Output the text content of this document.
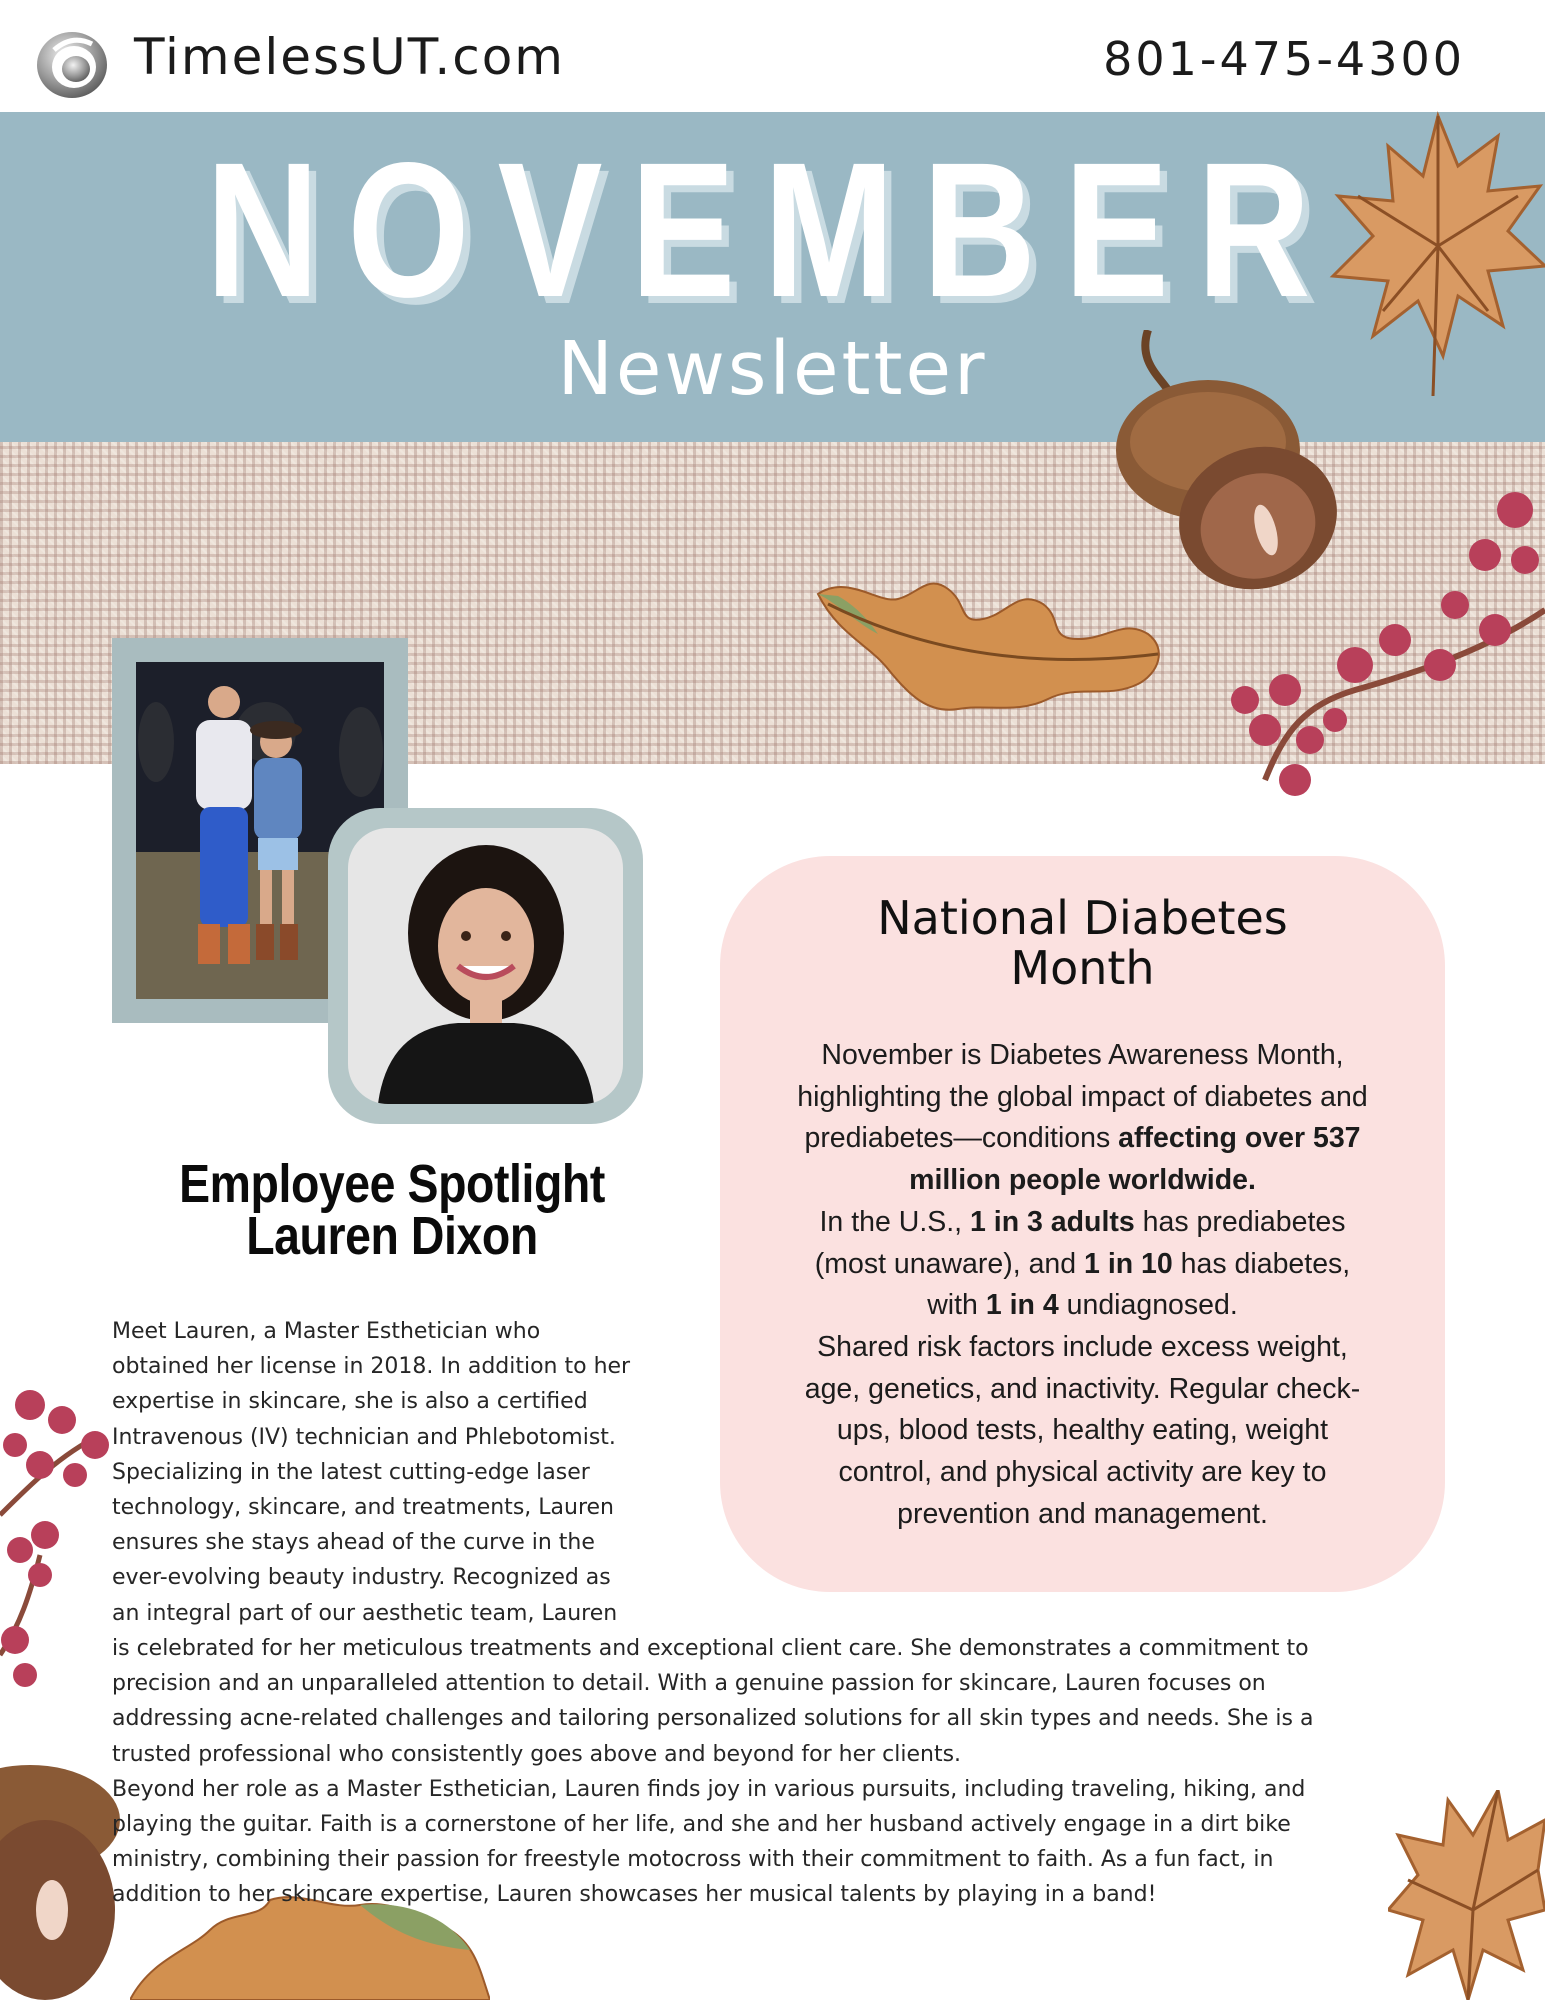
TimelessUT.com	801-475-4300
NOVEMBER
Newsletter
Employee Spotlight
Lauren Dixon
Meet Lauren, a Master Esthetician who
obtained her license in 2018. In addition to her
expertise in skincare, she is also a certified
Intravenous (IV) technician and Phlebotomist.
Specializing in the latest cutting-edge laser
technology, skincare, and treatments, Lauren
ensures she stays ahead of the curve in the
ever-evolving beauty industry. Recognized as
an integral part of our aesthetic team, Lauren
is celebrated for her meticulous treatments and exceptional client care. She demonstrates a commitment to
precision and an unparalleled attention to detail. With a genuine passion for skincare, Lauren focuses on
addressing acne-related challenges and tailoring personalized solutions for all skin types and needs. She is a
trusted professional who consistently goes above and beyond for her clients.
Beyond her role as a Master Esthetician, Lauren finds joy in various pursuits, including traveling, hiking, and
playing the guitar. Faith is a cornerstone of her life, and she and her husband actively engage in a dirt bike
ministry, combining their passion for freestyle motocross with their commitment to faith. As a fun fact, in
addition to her skincare expertise, Lauren showcases her musical talents by playing in a band!
National Diabetes
Month
November is Diabetes Awareness Month,
highlighting the global impact of diabetes and
prediabetes—conditions affecting over 537
million people worldwide.
In the U.S., 1 in 3 adults has prediabetes
(most unaware), and 1 in 10 has diabetes,
with 1 in 4 undiagnosed.
Shared risk factors include excess weight,
age, genetics, and inactivity. Regular check-
ups, blood tests, healthy eating, weight
control, and physical activity are key to
prevention and management.
